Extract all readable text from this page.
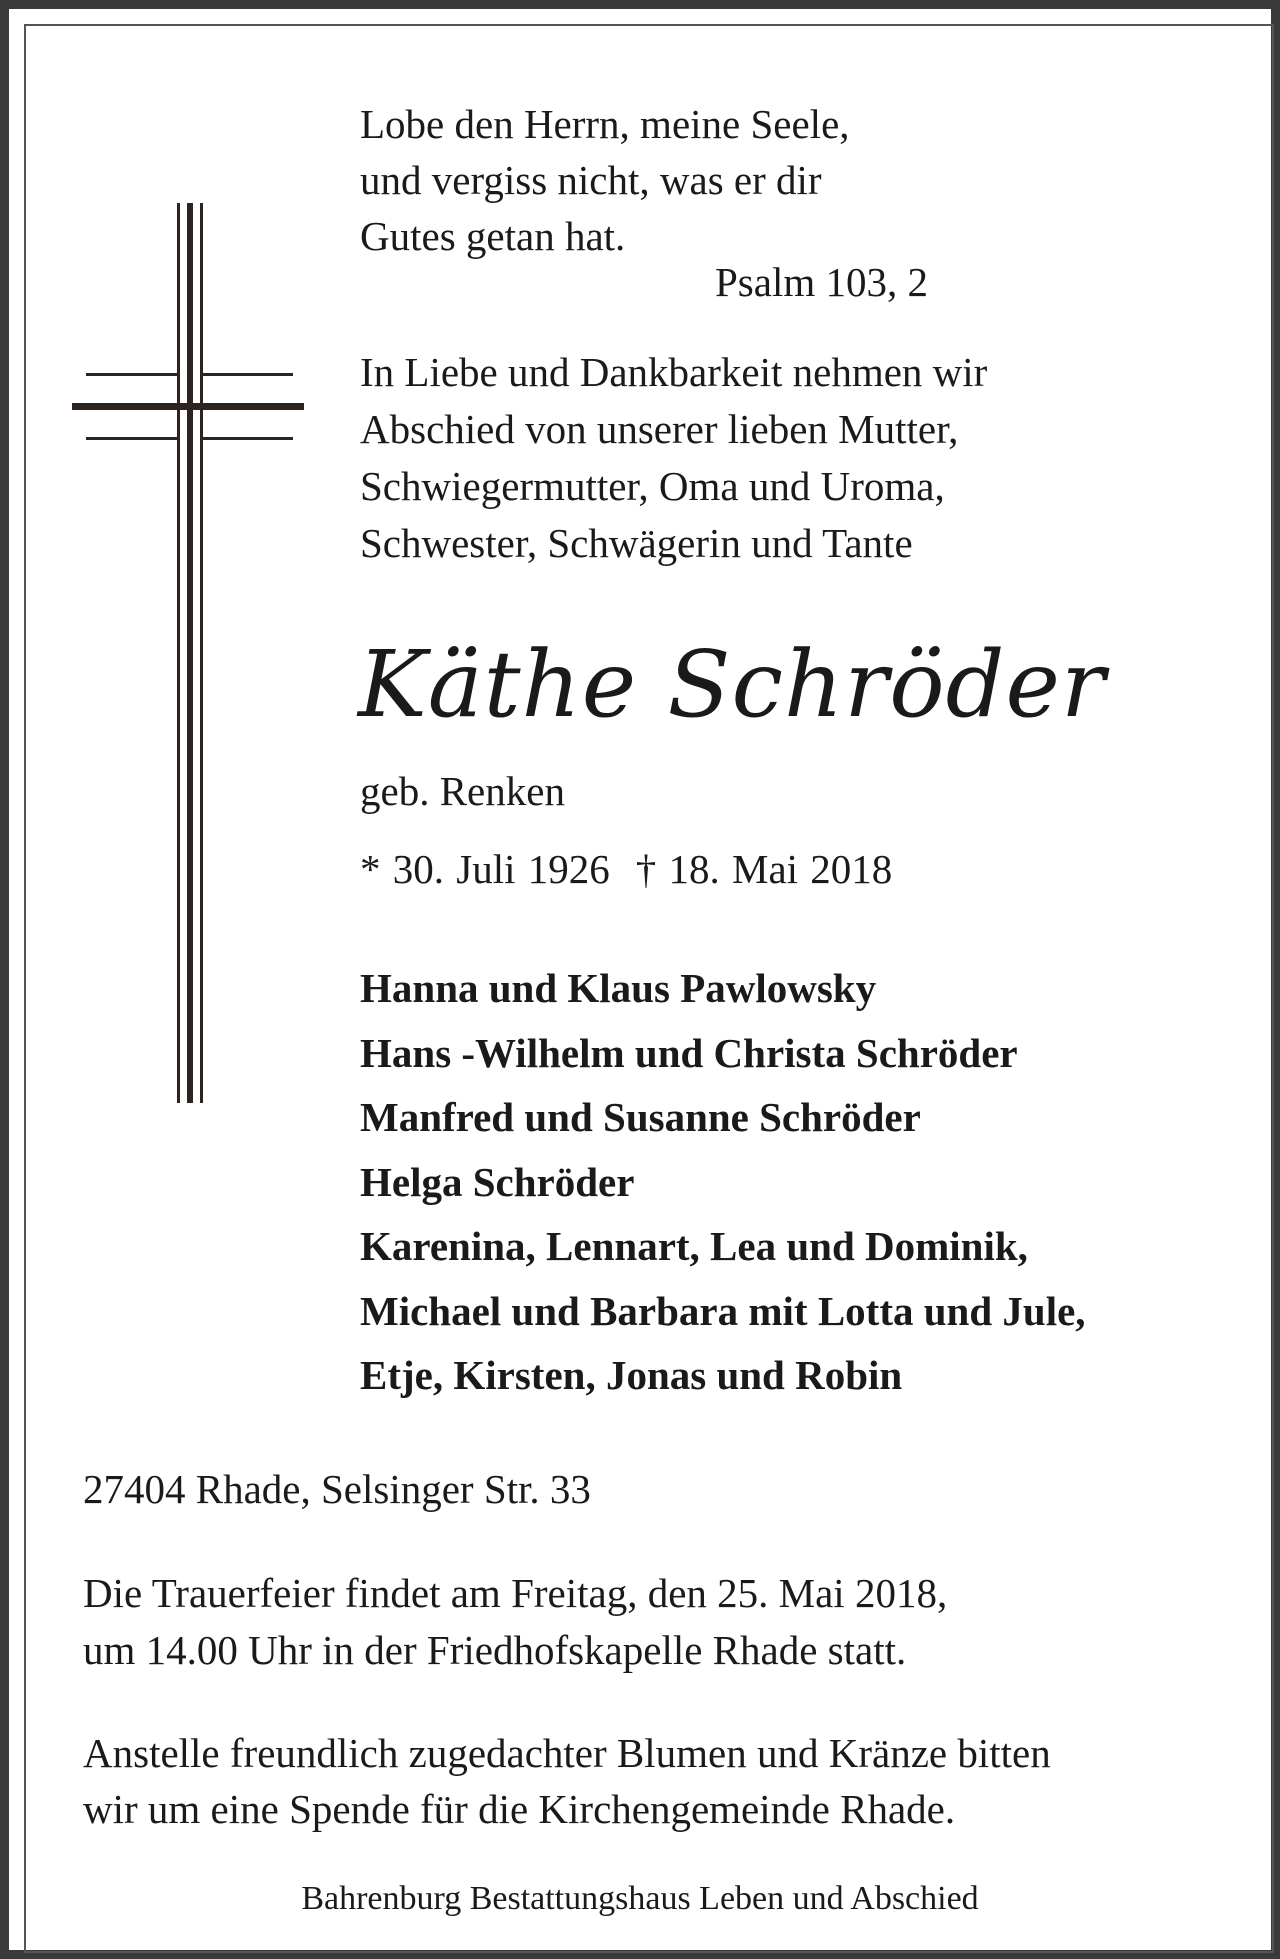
Lobe den Herrn, meine Seele,
und vergiss nicht, was er dir
Gutes getan hat.

Psalm 103, 2

In Liebe und Dankbarkeit nehmen wir
Abschied von unserer lieben Mutter,
Schwiegermutter, Oma und Uroma,
Schwester, Schwägerin und Tante

Käthe Schröder

geb. Renken

* 30. Juli 1926 † 18. Mai 2018

Hanna und Klaus Pawlowsky
Hans -Wilhelm und Christa Schröder
Manfred und Susanne Schröder
Helga Schröder
Karenina, Lennart, Lea und Dominik,
Michael und Barbara mit Lotta und Jule,
Etje, Kirsten, Jonas und Robin

27404 Rhade, Selsinger Str. 33

Die Trauerfeier findet am Freitag, den 25. Mai 2018,
um 14.00 Uhr in der Friedhofskapelle Rhade statt.

Anstelle freundlich zugedachter Blumen und Kränze bitten
wir um eine Spende für die Kirchengemeinde Rhade.

Bahrenburg Bestattungshaus Leben und Abschied
